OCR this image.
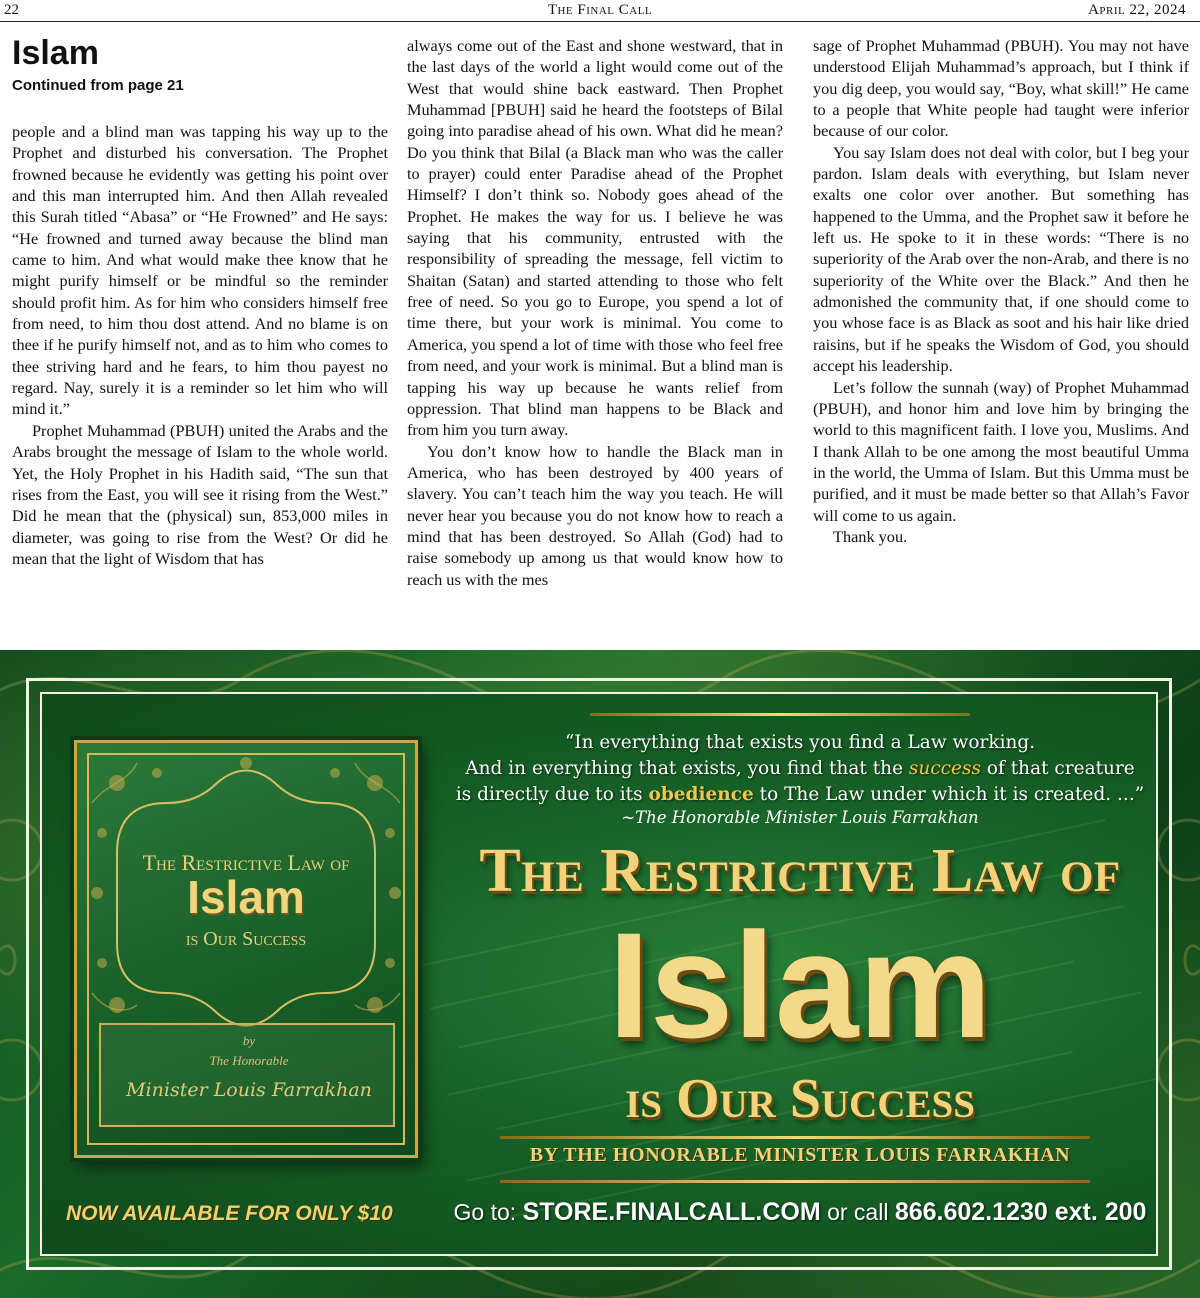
22	The Final Call	April 22, 2024
Islam
Continued from page 21

people and a blind man was tapping his way up to the Prophet and disturbed his conversation. The Prophet frowned because he evidently was getting his point over and this man interrupted him. And then Allah revealed this Surah titled “Abasa” or “He Frowned” and He says: “He frowned and turned away because the blind man came to him. And what would make thee know that he might purify himself or be mindful so the reminder should profit him. As for him who considers himself free from need, to him thou dost attend. And no blame is on thee if he purify himself not, and as to him who comes to thee striving hard and he fears, to him thou payest no regard. Nay, surely it is a reminder so let him who will mind it.”

Prophet Muhammad (PBUH) united the Arabs and the Arabs brought the message of Islam to the whole world. Yet, the Holy Prophet in his Hadith said, “The sun that rises from the East, you will see it rising from the West.” Did he mean that the (physical) sun, 853,000 miles in diameter, was going to rise from the West? Or did he mean that the light of Wisdom that has

always come out of the East and shone westward, that in the last days of the world a light would come out of the West that would shine back eastward. Then Prophet Muhammad [PBUH] said he heard the footsteps of Bilal going into paradise ahead of his own. What did he mean? Do you think that Bilal (a Black man who was the caller to prayer) could enter Paradise ahead of the Prophet Himself? I don’t think so. Nobody goes ahead of the Prophet. He makes the way for us. I believe he was saying that his community, entrusted with the responsibility of spreading the message, fell victim to Shaitan (Satan) and started attending to those who felt free of need. So you go to Europe, you spend a lot of time there, but your work is minimal. You come to America, you spend a lot of time with those who feel free from need, and your work is minimal. But a blind man is tapping his way up because he wants relief from oppression. That blind man happens to be Black and from him you turn away.

You don’t know how to handle the Black man in America, who has been destroyed by 400 years of slavery. You can’t teach him the way you teach. He will never hear you because you do not know how to reach a mind that has been destroyed. So Allah (God) had to raise somebody up among us that would know how to reach us with the mes

sage of Prophet Muhammad (PBUH). You may not have understood Elijah Muhammad’s approach, but I think if you dig deep, you would say, “Boy, what skill!” He came to a people that White people had taught were inferior because of our color.

You say Islam does not deal with color, but I beg your pardon. Islam deals with everything, but Islam never exalts one color over another. But something has happened to the Umma, and the Prophet saw it before he left us. He spoke to it in these words: “There is no superiority of the Arab over the non-Arab, and there is no superiority of the White over the Black.” And then he admonished the community that, if one should come to you whose face is as Black as soot and his hair like dried raisins, but if he speaks the Wisdom of God, you should accept his leadership.

Let’s follow the sunnah (way) of Prophet Muhammad (PBUH), and honor him and love him by bringing the world to this magnificent faith. I love you, Muslims. And I thank Allah to be one among the most beautiful Umma in the world, the Umma of Islam. But this Umma must be purified, and it must be made better so that Allah’s Favor will come to us again.

Thank you.

The Restrictive Law of
Islam
is Our Success
by
The Honorable
Minister Louis Farrakhan
NOW AVAILABLE FOR ONLY $10
“In everything that exists you find a Law working.
And in everything that exists, you find that the success of that creature
is directly due to its obedience to The Law under which it is created. ...”
~The Honorable Minister Louis Farrakhan
The Restrictive Law of
Islam
is Our Success
BY THE HONORABLE MINISTER LOUIS FARRAKHAN
Go to: STORE.FINALCALL.COM or call 866.602.1230 ext. 200
